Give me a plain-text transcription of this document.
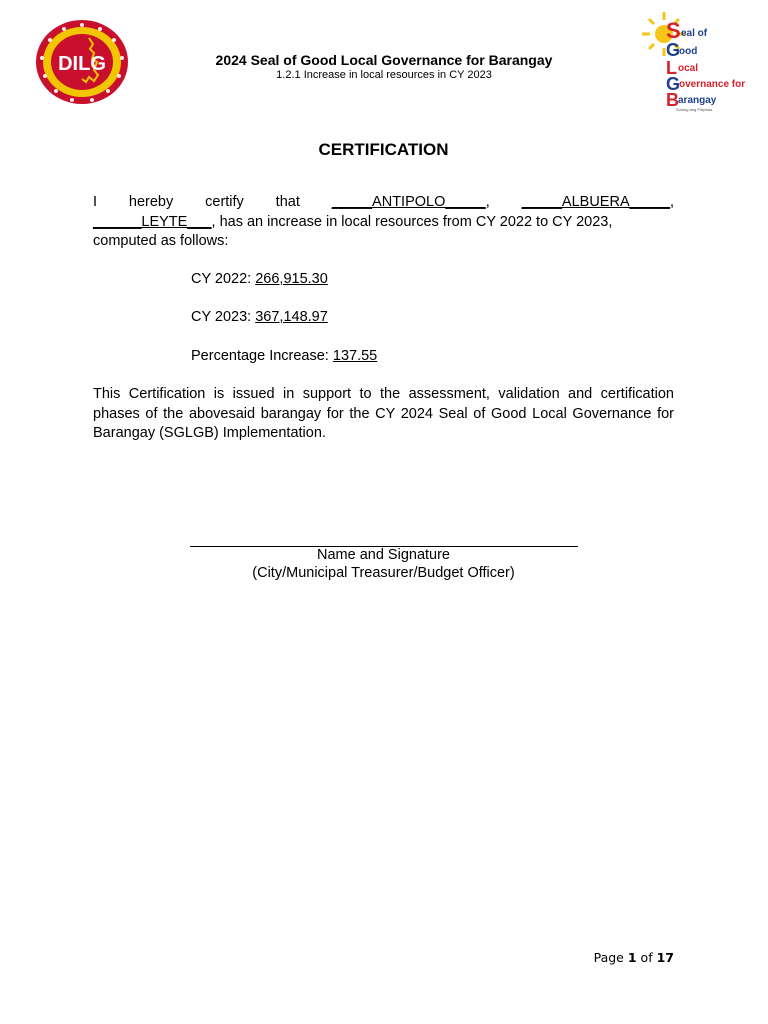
DILG
S eal of
G
ood
L ocal
G
overnance for
B arangay
Sulong ang Pilipinas
2024 Seal of Good Local Governance for Barangay
1.2.1 Increase in local resources in CY 2023
CERTIFICATION
I hereby certify that _____ANTIPOLO_____, _____ALBUERA_____,
______LEYTE___, has an increase in local resources from CY 2022 to CY 2023,
computed as follows:
CY 2022: 266,915.30
CY 2023: 367,148.97
Percentage Increase: 137.55
This Certification is issued in support to the assessment, validation and certification phases of the abovesaid barangay for the CY 2024 Seal of Good Local Governance for Barangay (SGLGB) Implementation.
Name and Signature
(City/Municipal Treasurer/Budget Officer)
Page 1 of 17
